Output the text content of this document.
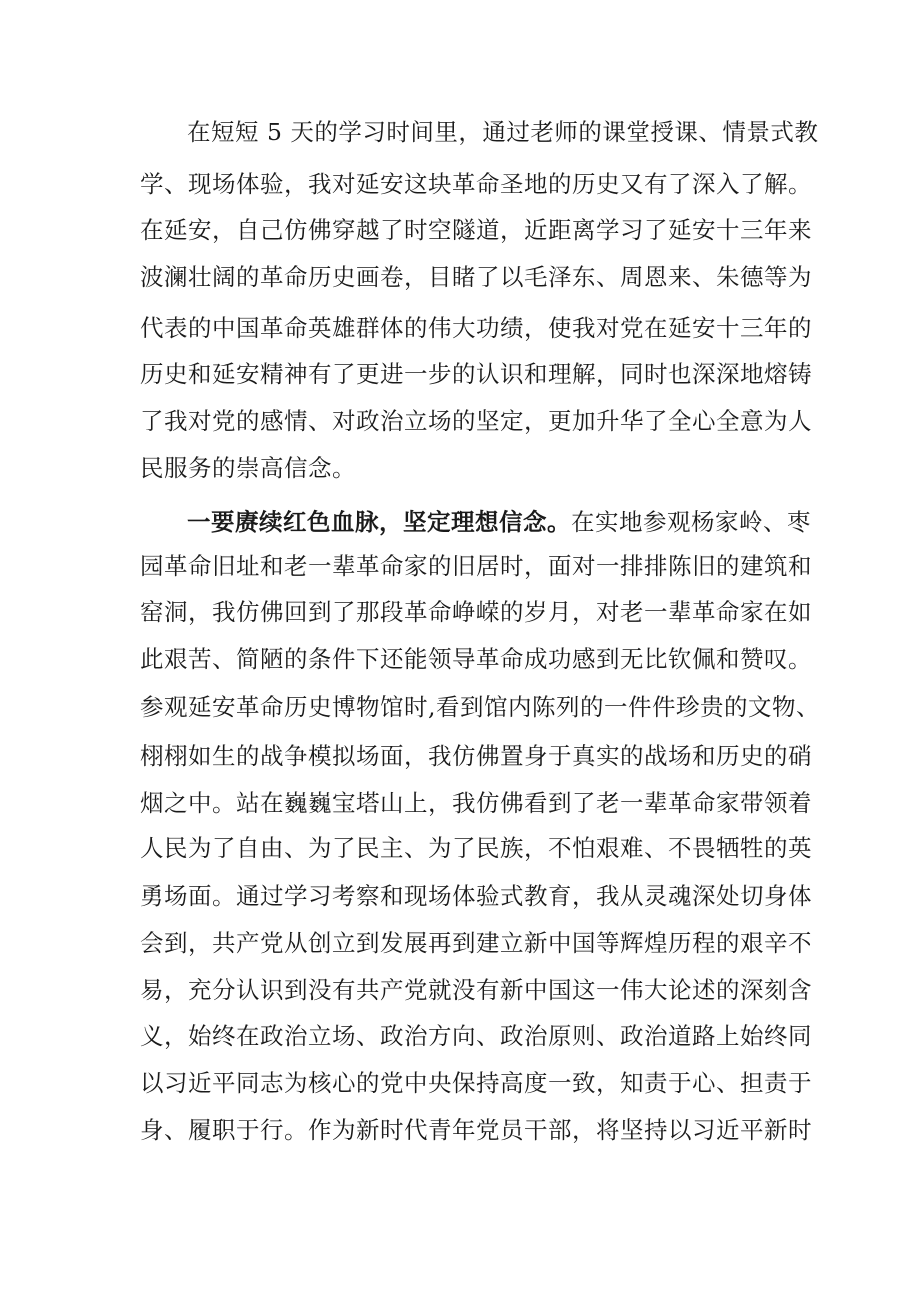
在短短 5 天的学习时间里，通过老师的课堂授课、情景式教
学、现场体验，我对延安这块革命圣地的历史又有了深入了解。
在延安，自己仿佛穿越了时空隧道，近距离学习了延安十三年来
波澜壮阔的革命历史画卷，目睹了以毛泽东、周恩来、朱德等为
代表的中国革命英雄群体的伟大功绩，使我对党在延安十三年的
历史和延安精神有了更进一步的认识和理解，同时也深深地熔铸
了我对党的感情、对政治立场的坚定，更加升华了全心全意为人
民服务的崇高信念。
一要赓续红色血脉，坚定理想信念。在实地参观杨家岭、枣
园革命旧址和老一辈革命家的旧居时，面对一排排陈旧的建筑和
窑洞，我仿佛回到了那段革命峥嵘的岁月，对老一辈革命家在如
此艰苦、简陋的条件下还能领导革命成功感到无比钦佩和赞叹。
参观延安革命历史博物馆时,看到馆内陈列的一件件珍贵的文物、
栩栩如生的战争模拟场面，我仿佛置身于真实的战场和历史的硝
烟之中。站在巍巍宝塔山上，我仿佛看到了老一辈革命家带领着
人民为了自由、为了民主、为了民族，不怕艰难、不畏牺牲的英
勇场面。通过学习考察和现场体验式教育，我从灵魂深处切身体
会到，共产党从创立到发展再到建立新中国等辉煌历程的艰辛不
易，充分认识到没有共产党就没有新中国这一伟大论述的深刻含
义，始终在政治立场、政治方向、政治原则、政治道路上始终同
以习近平同志为核心的党中央保持高度一致，知责于心、担责于
身、履职于行。作为新时代青年党员干部，将坚持以习近平新时
